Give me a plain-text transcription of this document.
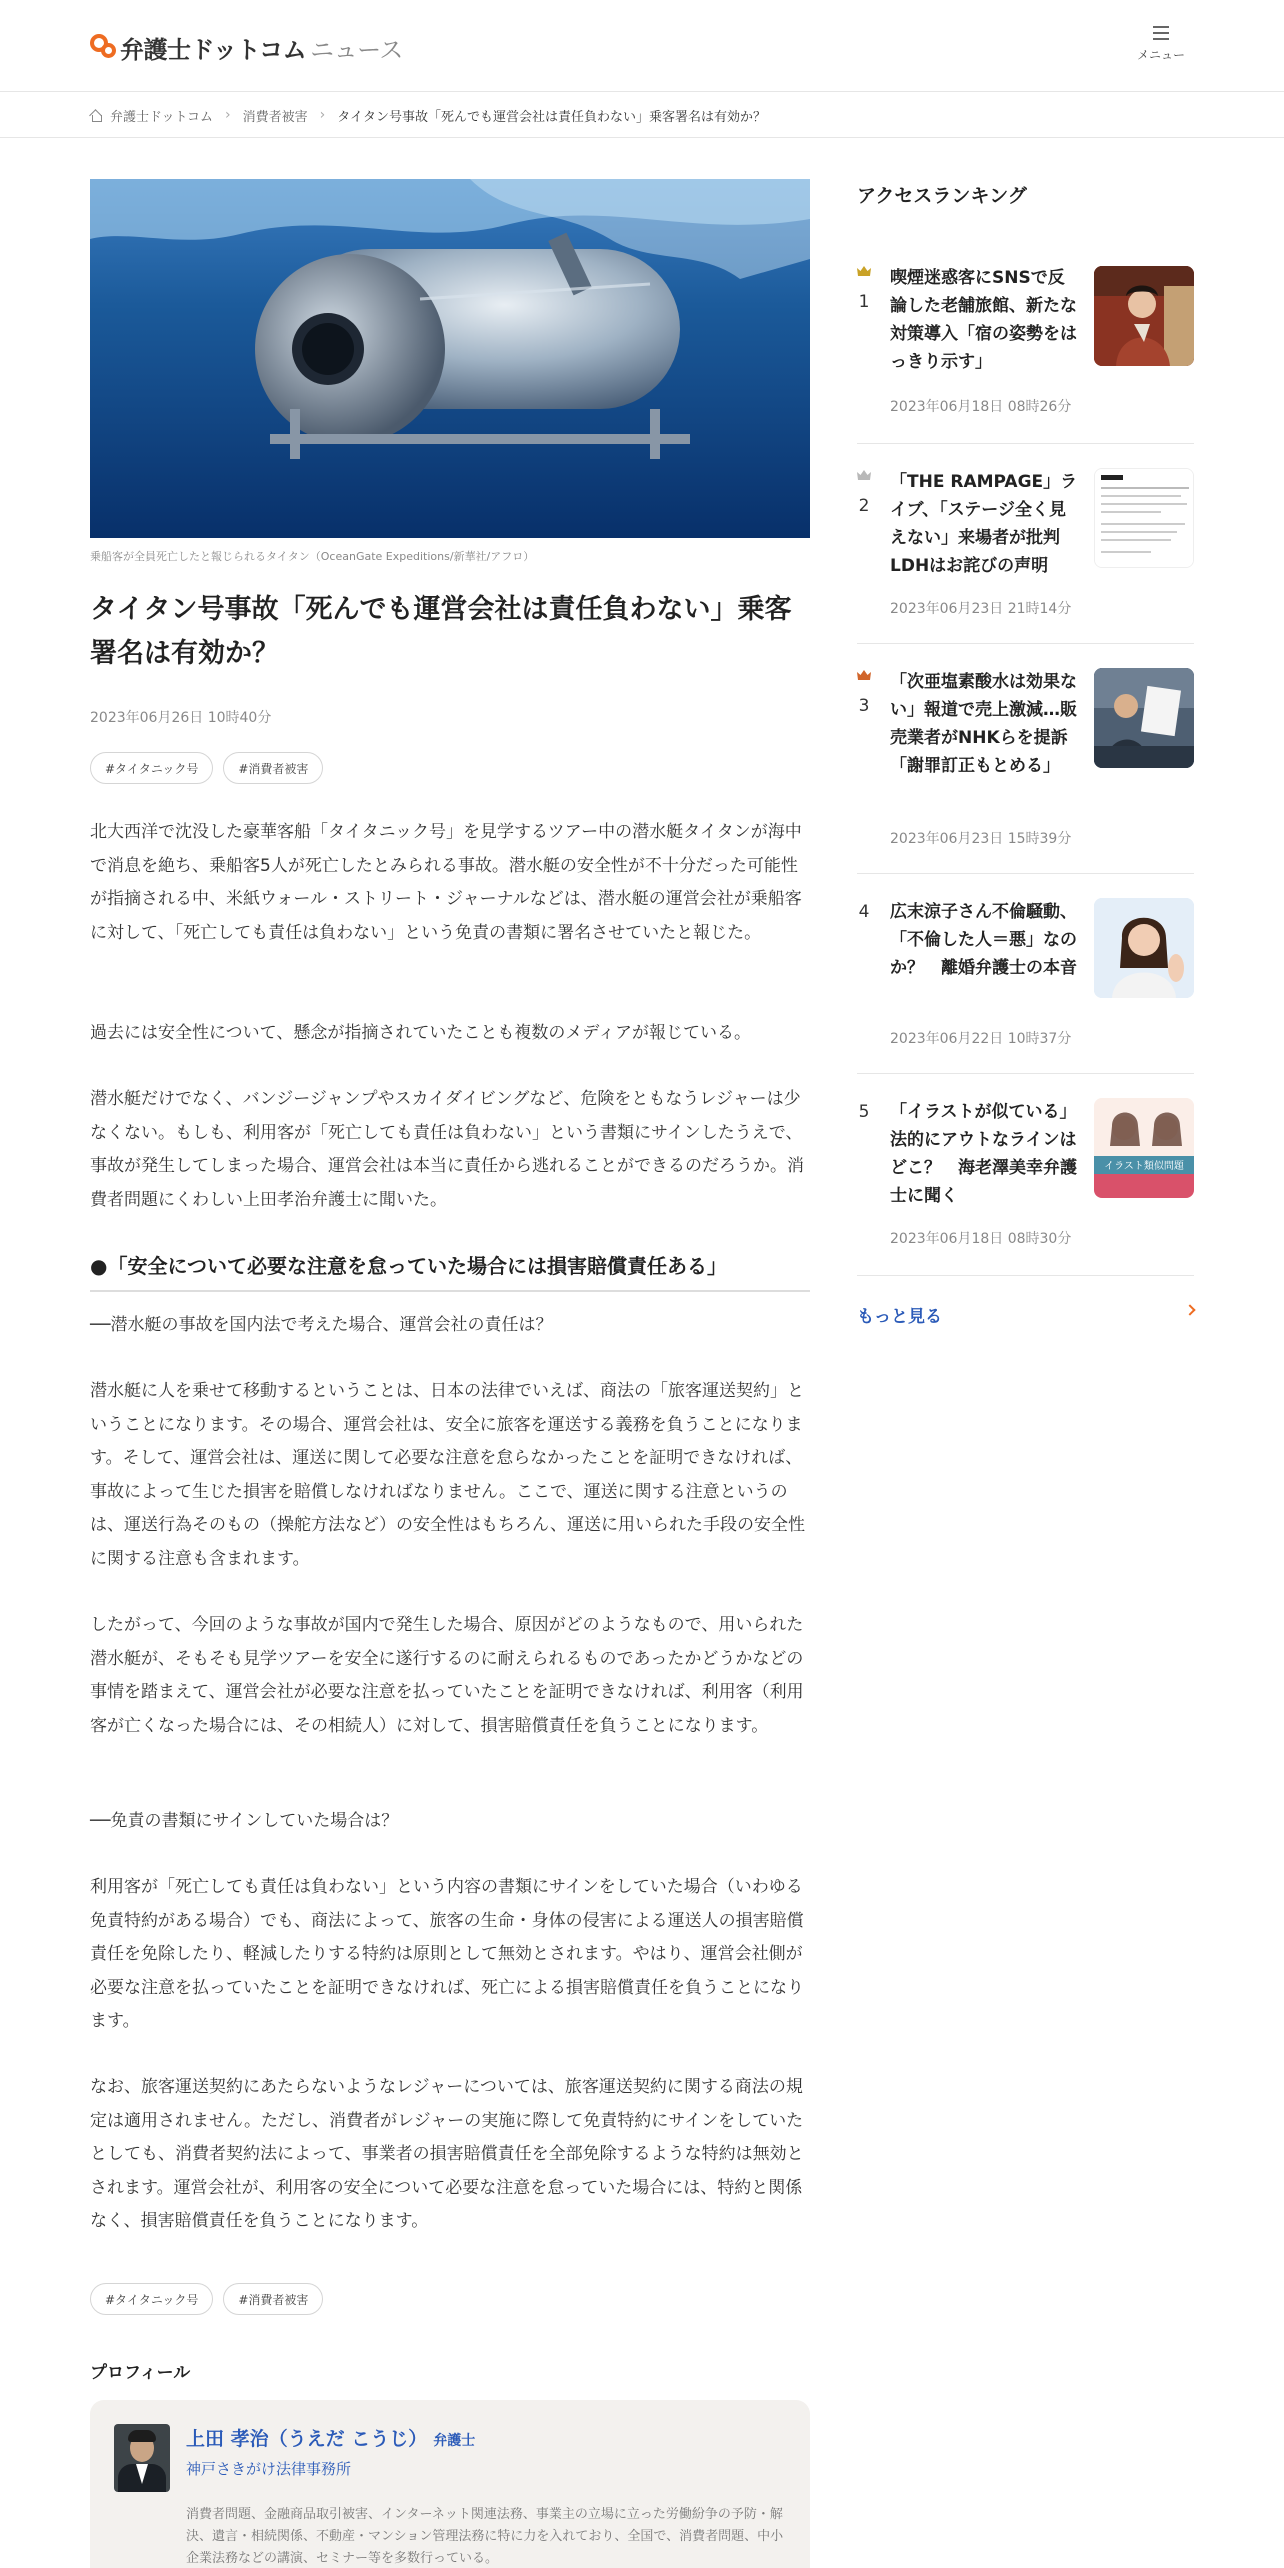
弁護士ドットコム ニュース	メニュー
弁護士ドットコム › 消費者被害 › タイタン号事故「死んでも運営会社は責任負わない」乗客署名は有効か？
乗船客が全員死亡したと報じられるタイタン（OceanGate Expeditions/新華社/アフロ）
タイタン号事故「死んでも運営会社は責任負わない」乗客署名は有効か？
2023年06月26日 10時40分
#タイタニック号	#消費者被害

北大西洋で沈没した豪華客船「タイタニック号」を見学するツアー中の潜水艇タイタンが海中で消息を絶ち、乗船客5人が死亡したとみられる事故。潜水艇の安全性が不十分だった可能性が指摘される中、米紙ウォール・ストリート・ジャーナルなどは、潜水艇の運営会社が乗船客に対して、「死亡しても責任は負わない」という免責の書類に署名させていたと報じた。

過去には安全性について、懸念が指摘されていたことも複数のメディアが報じている。

潜水艇だけでなく、バンジージャンプやスカイダイビングなど、危険をともなうレジャーは少なくない。もしも、利用客が「死亡しても責任は負わない」という書類にサインしたうえで、事故が発生してしまった場合、運営会社は本当に責任から逃れることができるのだろうか。消費者問題にくわしい上田孝治弁護士に聞いた。

●「安全について必要な注意を怠っていた場合には損害賠償責任ある」

──潜水艇の事故を国内法で考えた場合、運営会社の責任は？

潜水艇に人を乗せて移動するということは、日本の法律でいえば、商法の「旅客運送契約」ということになります。その場合、運営会社は、安全に旅客を運送する義務を負うことになります。そして、運営会社は、運送に関して必要な注意を怠らなかったことを証明できなければ、事故によって生じた損害を賠償しなければなりません。ここで、運送に関する注意というのは、運送行為そのもの（操舵方法など）の安全性はもちろん、運送に用いられた手段の安全性に関する注意も含まれます。

したがって、今回のような事故が国内で発生した場合、原因がどのようなもので、用いられた潜水艇が、そもそも見学ツアーを安全に遂行するのに耐えられるものであったかどうかなどの事情を踏まえて、運営会社が必要な注意を払っていたことを証明できなければ、利用客（利用客が亡くなった場合には、その相続人）に対して、損害賠償責任を負うことになります。

──免責の書類にサインしていた場合は？

利用客が「死亡しても責任は負わない」という内容の書類にサインをしていた場合（いわゆる免責特約がある場合）でも、商法によって、旅客の生命・身体の侵害による運送人の損害賠償責任を免除したり、軽減したりする特約は原則として無効とされます。やはり、運営会社側が必要な注意を払っていたことを証明できなければ、死亡による損害賠償責任を負うことになります。

なお、旅客運送契約にあたらないようなレジャーについては、旅客運送契約に関する商法の規定は適用されません。ただし、消費者がレジャーの実施に際して免責特約にサインをしていたとしても、消費者契約法によって、事業者の損害賠償責任を全部免除するような特約は無効とされます。運営会社が、利用客の安全について必要な注意を怠っていた場合には、特約と関係なく、損害賠償責任を負うことになります。

#タイタニック号	#消費者被害
プロフィール
上田 孝治（うえだ こうじ） 弁護士
神戸さきがけ法律事務所
消費者問題、金融商品取引被害、インターネット関連法務、事業主の立場に立った労働紛争の予防・解決、遺言・相続関係、不動産・マンション管理法務に特に力を入れており、全国で、消費者問題、中小企業法務などの講演、セミナー等を多数行っている。
アクセスランキング
1
喫煙迷惑客にSNSで反論した老舗旅館、新たな対策導入「宿の姿勢をはっきり示す」
2023年06月18日 08時26分
2
「THE RAMPAGE」ライブ、「ステージ全く見えない」来場者が批判 LDHはお詫びの声明
2023年06月23日 21時14分
3
「次亜塩素酸水は効果ない」報道で売上激減…販売業者がNHKらを提訴「謝罪訂正もとめる」
2023年06月23日 15時39分
4 広末涼子さん不倫騒動、「不倫した人＝悪」なのか？　離婚弁護士の本音
2023年06月22日 10時37分
5 「イラストが似ている」法的にアウトなラインはどこ？　海老澤美幸弁護士に聞く
2023年06月18日 08時30分
イラスト類似問題
もっと見る
